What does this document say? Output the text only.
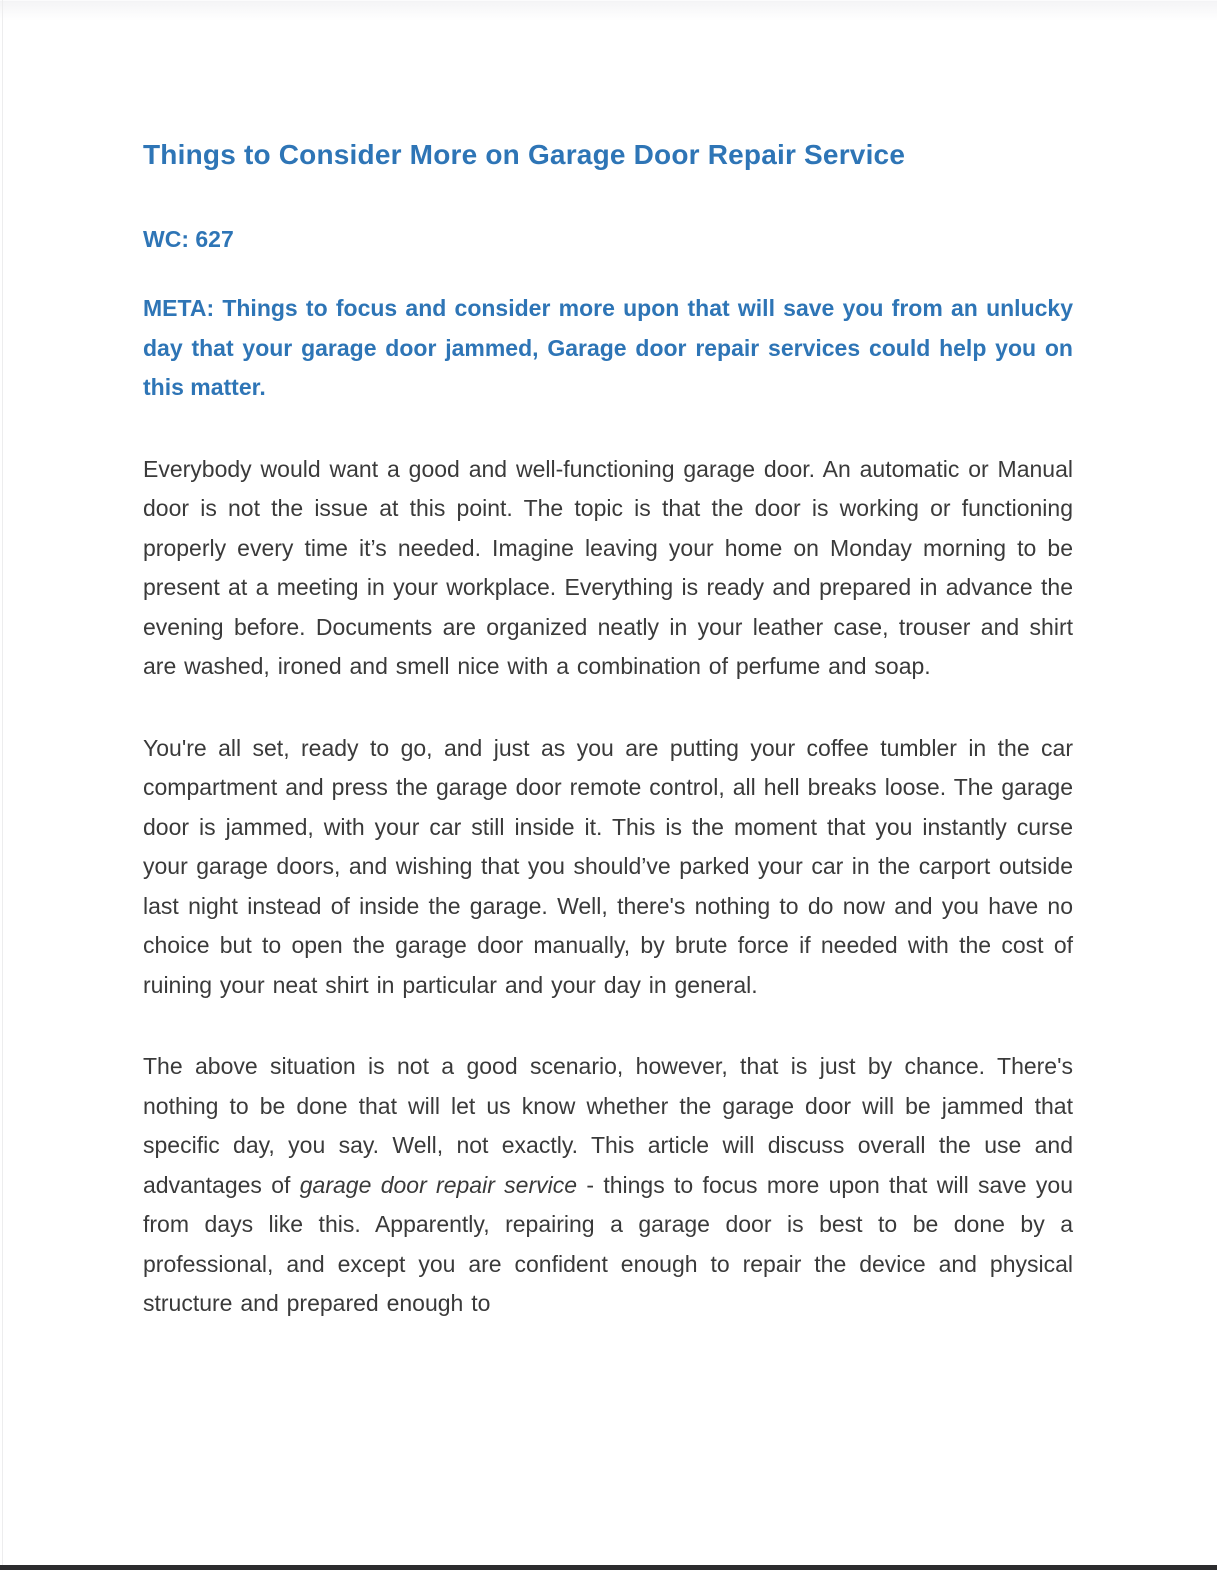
Things to Consider More on Garage Door Repair Service

WC: 627

META: Things to focus and consider more upon that will save you from an unlucky day that your garage door jammed, Garage door repair services could help you on this matter.

Everybody would want a good and well-functioning garage door. An automatic or Manual door is not the issue at this point. The topic is that the door is working or functioning properly every time it’s needed. Imagine leaving your home on Monday morning to be present at a meeting in your workplace. Everything is ready and prepared in advance the evening before. Documents are organized neatly in your leather case, trouser and shirt are washed, ironed and smell nice with a combination of perfume and soap.

You're all set, ready to go, and just as you are putting your coffee tumbler in the car compartment and press the garage door remote control, all hell breaks loose. The garage door is jammed, with your car still inside it. This is the moment that you instantly curse your garage doors, and wishing that you should’ve parked your car in the carport outside last night instead of inside the garage. Well, there's nothing to do now and you have no choice but to open the garage door manually, by brute force if needed with the cost of ruining your neat shirt in particular and your day in general.

The above situation is not a good scenario, however, that is just by chance. There's nothing to be done that will let us know whether the garage door will be jammed that specific day, you say. Well, not exactly. This article will discuss overall the use and advantages of garage door repair service - things to focus more upon that will save you from days like this. Apparently, repairing a garage door is best to be done by a professional, and except you are confident enough to repair the device and physical structure and prepared enough to
